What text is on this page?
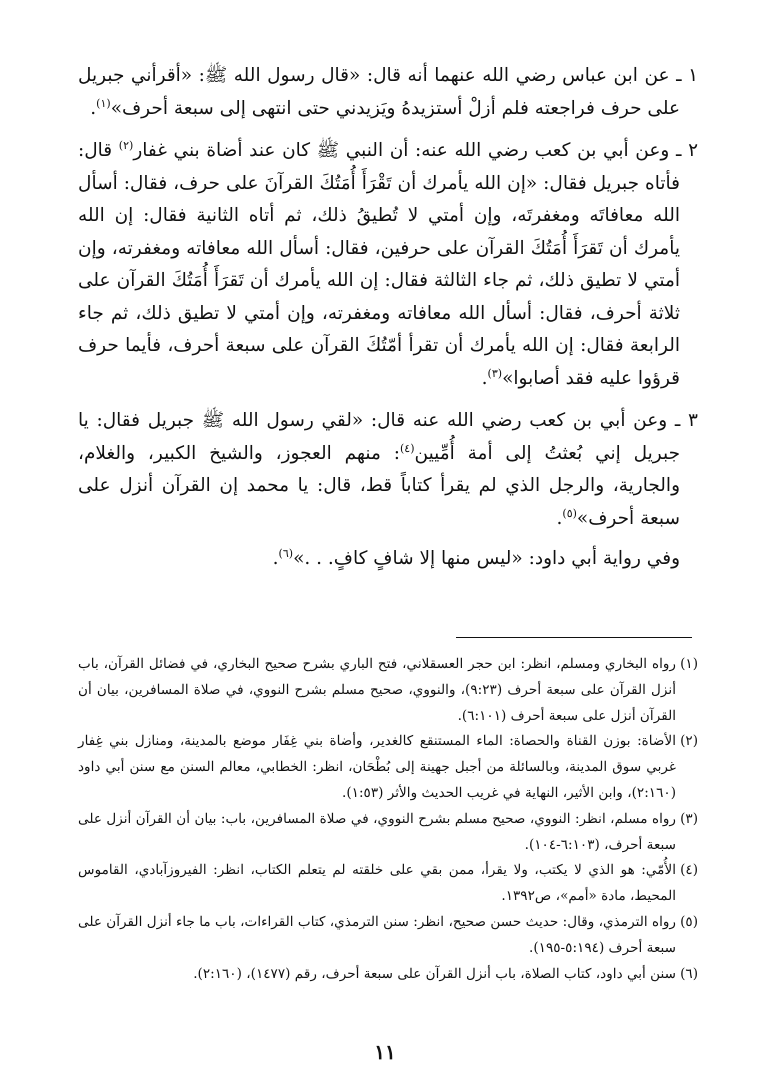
١ ـ عن ابن عباس رضي الله عنهما أنه قال: «قال رسول الله ﷺ: «أقرأني جبريل على حرف فراجعته فلم أزلْ أستزيدهُ ويَزيدني حتى انتهى إلى سبعة أحرف»$^{(١)}$.

٢ ـ وعن أبي بن كعب رضي الله عنه: أن النبي ﷺ كان عند أضاة بني غفار$^{(٢)}$ قال: فأتاه جبريل فقال: «إن الله يأمرك أن تَقْرَأَ أُمَتُكَ القرآنَ على حرف، فقال: أسأل الله معافاتَه ومغفرتَه، وإن أمتي لا تُطيقُ ذلك، ثم أتاه الثانية فقال: إن الله يأمرك أن تَقرَأَ أُمَتُكَ القرآن على حرفين، فقال: أسأل الله معافاته ومغفرته، وإن أمتي لا تطيق ذلك، ثم جاء الثالثة فقال: إن الله يأمرك أن تَقرَأَ أُمَتُكَ القرآن على ثلاثة أحرف، فقال: أسأل الله معافاته ومغفرته، وإن أمتي لا تطيق ذلك، ثم جاء الرابعة فقال: إن الله يأمرك أن تقرأ أمّتُكَ القرآن على سبعة أحرف، فأيما حرف قرؤوا عليه فقد أصابوا»$^{(٣)}$.

٣ ـ وعن أبي بن كعب رضي الله عنه قال: «لقي رسول الله ﷺ جبريل فقال: يا جبريل إني بُعثتُ إلى أمة أُمِّيين$^{(٤)}$: منهم العجوز، والشيخ الكبير، والغلام، والجارية، والرجل الذي لم يقرأ كتاباً قط، قال: يا محمد إن القرآن أنزل على سبعة أحرف»$^{(٥)}$.

وفي رواية أبي داود: «ليس منها إلا شافٍ كافٍ. . .»$^{(٦)}$.

(١)رواه البخاري ومسلم، انظر: ابن حجر العسقلاني، فتح الباري بشرح صحيح البخاري، في فضائل القرآن، باب أنزل القرآن على سبعة أحرف (٩:٢٣)، والنووي، صحيح مسلم بشرح النووي، في صلاة المسافرين، بيان أن القرآن أنزل على سبعة أحرف (٦:١٠١).

(٢)الأضاة: بوزن القناة والحصاة: الماء المستنقع كالغدير، وأضاة بني غِفَار موضع بالمدينة، ومنازل بني غِفار غربي سوق المدينة، وبالسائلة من أجبل جهينة إلى بُطْحَان، انظر: الخطابي، معالم السنن مع سنن أبي داود (٢:١٦٠)، وابن الأثير، النهاية في غريب الحديث والأثر (١:٥٣).

(٣)رواه مسلم، انظر: النووي، صحيح مسلم بشرح النووي، في صلاة المسافرين، باب: بيان أن القرآن أنزل على سبعة أحرف، (٦:١٠٣-١٠٤).

(٤)الأُمّي: هو الذي لا يكتب، ولا يقرأ، ممن بقي على خلقته لم يتعلم الكتاب، انظر: الفيروزآبادي، القاموس المحيط، مادة «أمم»، ص١٣٩٢.

(٥)رواه الترمذي، وقال: حديث حسن صحيح، انظر: سنن الترمذي، كتاب القراءات، باب ما جاء أنزل القرآن على سبعة أحرف (٥:١٩٤-١٩٥).

(٦)سنن أبي داود، كتاب الصلاة، باب أنزل القرآن على سبعة أحرف، رقم (١٤٧٧)، (٢:١٦٠).

١١
